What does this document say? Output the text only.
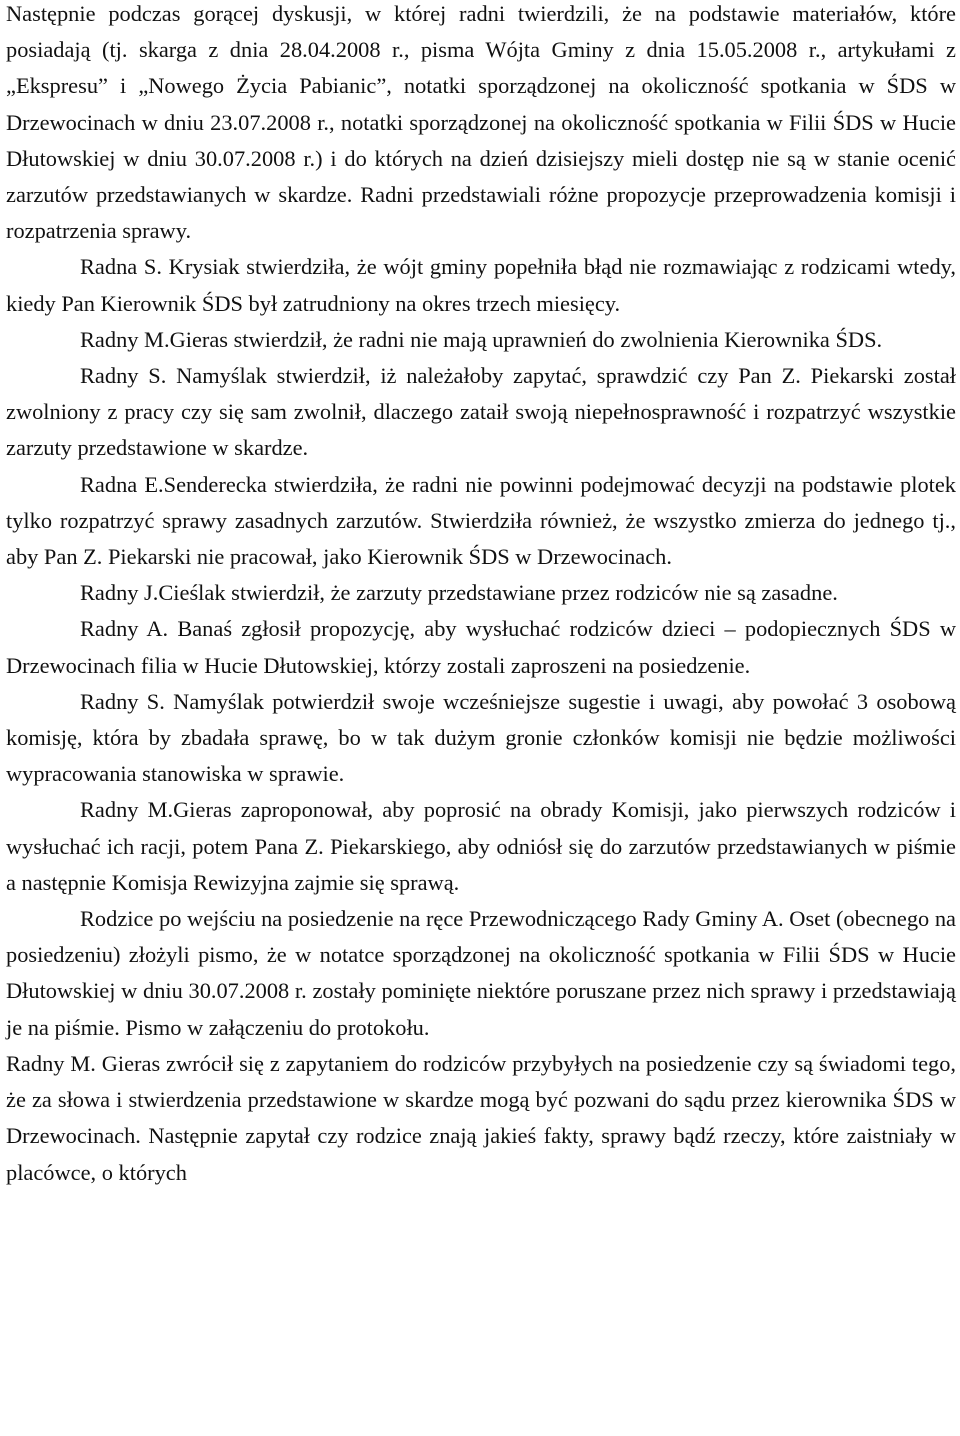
Następnie podczas gorącej dyskusji, w której radni twierdzili, że na podstawie materiałów, które posiadają (tj. skarga z dnia 28.04.2008 r., pisma Wójta Gminy z dnia 15.05.2008 r., artykułami z „Ekspresu” i „Nowego Życia Pabianic”, notatki sporządzonej na okoliczność spotkania w ŚDS w Drzewocinach w dniu 23.07.2008 r., notatki sporządzonej na okoliczność spotkania w Filii ŚDS w Hucie Dłutowskiej w dniu 30.07.2008 r.) i do których na dzień dzisiejszy mieli dostęp nie są w stanie ocenić zarzutów przedstawianych w skardze. Radni przedstawiali różne propozycje przeprowadzenia komisji i rozpatrzenia sprawy.

Radna S. Krysiak stwierdziła, że wójt gminy popełniła błąd nie rozmawiając z rodzicami wtedy, kiedy Pan Kierownik ŚDS był zatrudniony na okres trzech miesięcy.

Radny M.Gieras stwierdził, że radni nie mają uprawnień do zwolnienia Kierownika ŚDS.

Radny S. Namyślak stwierdził, iż należałoby zapytać, sprawdzić czy Pan Z. Piekarski został zwolniony z pracy czy się sam zwolnił, dlaczego zataił swoją niepełnosprawność i rozpatrzyć wszystkie zarzuty przedstawione w skardze.

Radna E.Senderecka stwierdziła, że radni nie powinni podejmować decyzji na podstawie plotek tylko rozpatrzyć sprawy zasadnych zarzutów. Stwierdziła również, że wszystko zmierza do jednego tj., aby Pan Z. Piekarski nie pracował, jako Kierownik ŚDS w Drzewocinach.

Radny J.Cieślak stwierdził, że zarzuty przedstawiane przez rodziców nie są zasadne.

Radny A. Banaś zgłosił propozycję, aby wysłuchać rodziców dzieci – podopiecznych ŚDS w Drzewocinach filia w Hucie Dłutowskiej, którzy zostali zaproszeni na posiedzenie.

Radny S. Namyślak potwierdził swoje wcześniejsze sugestie i uwagi, aby powołać 3 osobową komisję, która by zbadała sprawę, bo w tak dużym gronie członków komisji nie będzie możliwości wypracowania stanowiska w sprawie.

Radny M.Gieras zaproponował, aby poprosić na obrady Komisji, jako pierwszych rodziców i wysłuchać ich racji, potem Pana Z. Piekarskiego, aby odniósł się do zarzutów przedstawianych w piśmie a następnie Komisja Rewizyjna zajmie się sprawą.

Rodzice po wejściu na posiedzenie na ręce Przewodniczącego Rady Gminy A. Oset (obecnego na posiedzeniu) złożyli pismo, że w notatce sporządzonej na okoliczność spotkania w Filii ŚDS w Hucie Dłutowskiej w dniu 30.07.2008 r. zostały pominięte niektóre poruszane przez nich sprawy i przedstawiają je na piśmie. Pismo w załączeniu do protokołu.

Radny M. Gieras zwrócił się z zapytaniem do rodziców przybyłych na posiedzenie czy są świadomi tego, że za słowa i stwierdzenia przedstawione w skardze mogą być pozwani do sądu przez kierownika ŚDS w Drzewocinach. Następnie zapytał czy rodzice znają jakieś fakty, sprawy bądź rzeczy, które zaistniały w placówce, o których
